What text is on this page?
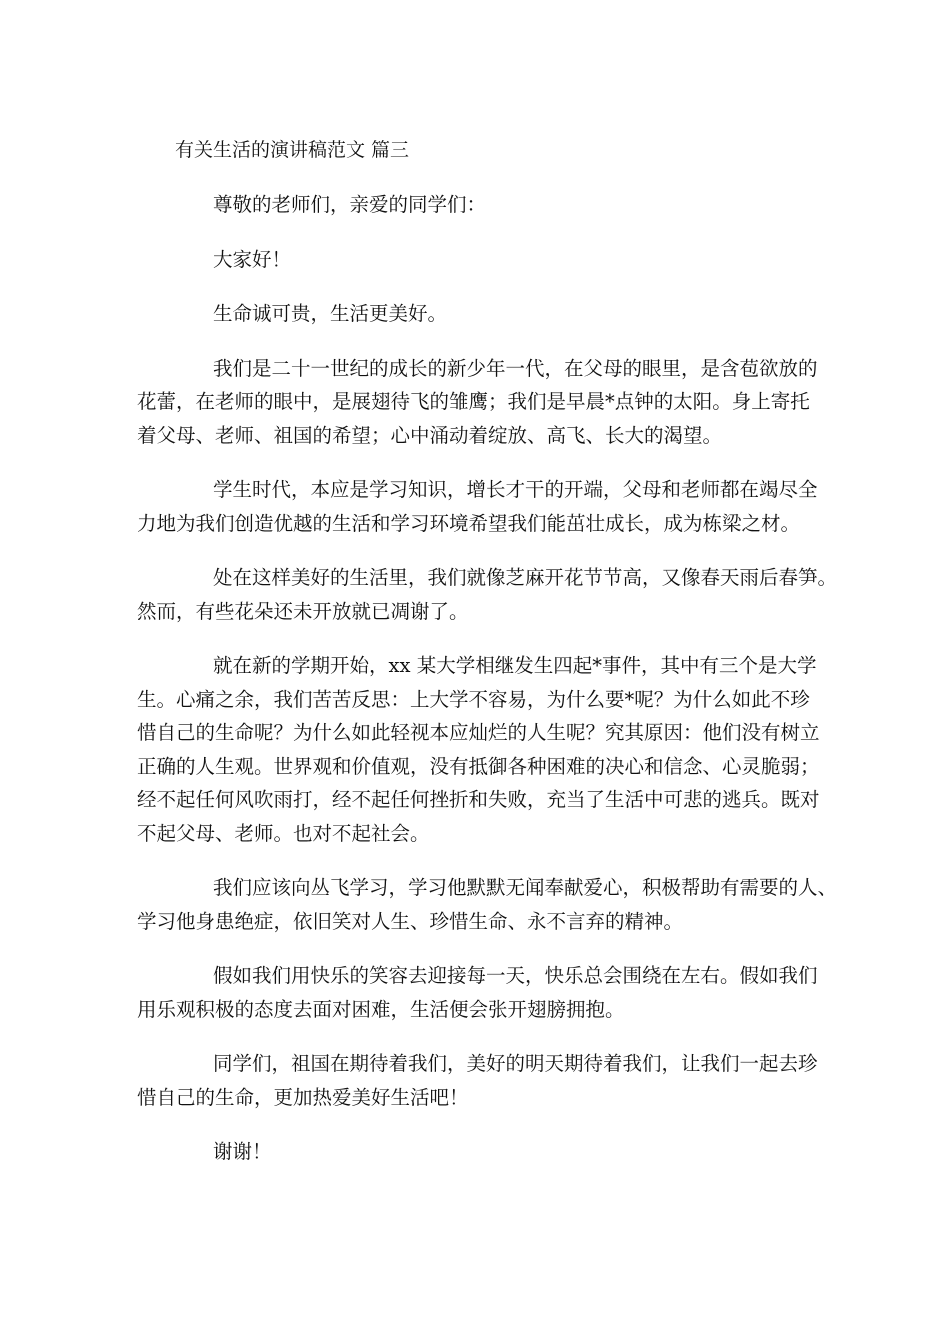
有关生活的演讲稿范文 篇三
尊敬的老师们，亲爱的同学们：
大家好！
生命诚可贵，生活更美好。
我们是二十一世纪的成长的新少年一代，在父母的眼里，是含苞欲放的
花蕾，在老师的眼中，是展翅待飞的雏鹰；我们是早晨*点钟的太阳。身上寄托
着父母、老师、祖国的希望；心中涌动着绽放、高飞、长大的渴望。
学生时代，本应是学习知识，增长才干的开端，父母和老师都在竭尽全
力地为我们创造优越的生活和学习环境希望我们能茁壮成长，成为栋梁之材。
处在这样美好的生活里，我们就像芝麻开花节节高，又像春天雨后春笋。
然而，有些花朵还未开放就已凋谢了。
就在新的学期开始，xx 某大学相继发生四起*事件，其中有三个是大学
生。心痛之余，我们苦苦反思：上大学不容易，为什么要*呢？为什么如此不珍
惜自己的生命呢？为什么如此轻视本应灿烂的人生呢？究其原因：他们没有树立
正确的人生观。世界观和价值观，没有抵御各种困难的决心和信念、心灵脆弱；
经不起任何风吹雨打，经不起任何挫折和失败，充当了生活中可悲的逃兵。既对
不起父母、老师。也对不起社会。
我们应该向丛飞学习，学习他默默无闻奉献爱心，积极帮助有需要的人、
学习他身患绝症，依旧笑对人生、珍惜生命、永不言弃的精神。
假如我们用快乐的笑容去迎接每一天，快乐总会围绕在左右。假如我们
用乐观积极的态度去面对困难，生活便会张开翅膀拥抱。
同学们，祖国在期待着我们，美好的明天期待着我们，让我们一起去珍
惜自己的生命，更加热爱美好生活吧！
谢谢！
